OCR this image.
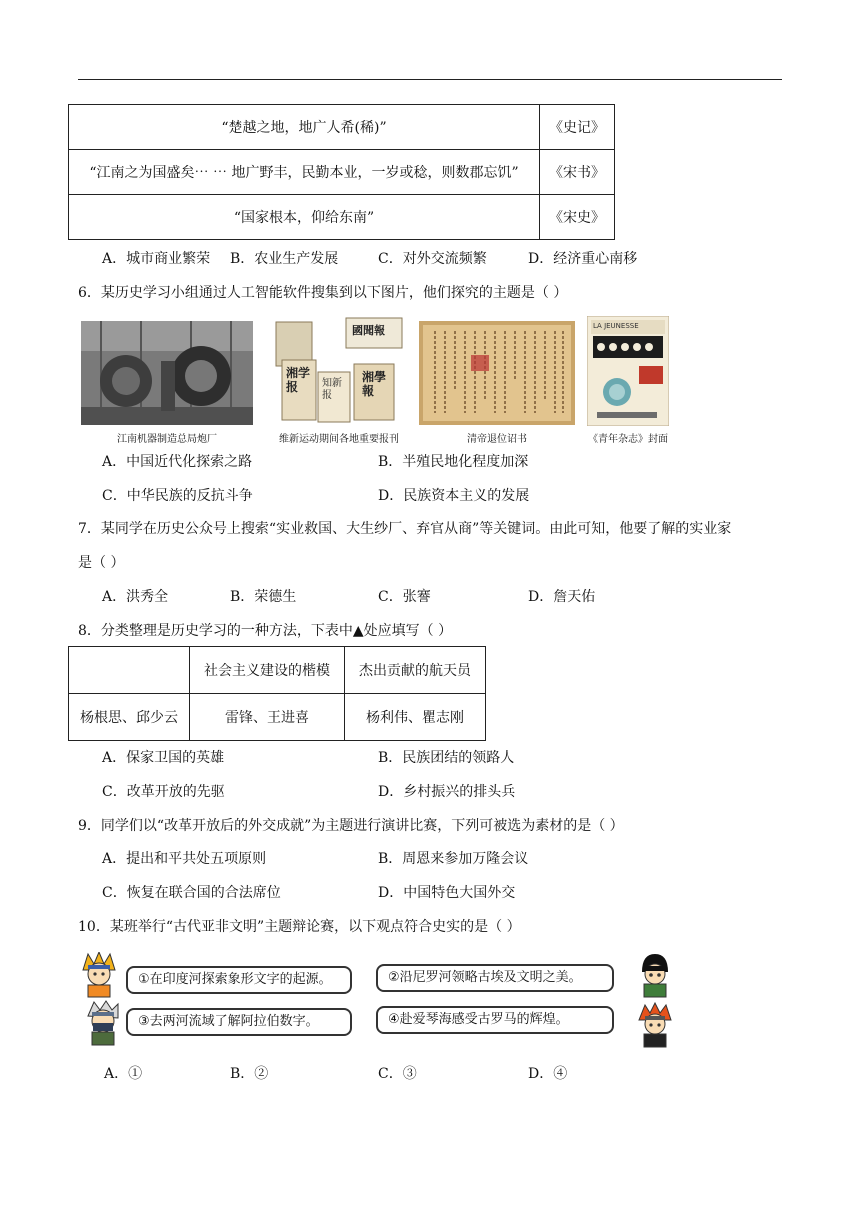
“楚越之地，地广人希(稀)”	《史记》
“江南之为国盛矣⋯ ⋯ 地广野丰，民勤本业，一岁或稔，则数郡忘饥”	《宋书》
“国家根本，仰给东南”	《宋史》
A．城市商业繁荣 B．农业生产发展	C．对外交流频繁	D．经济重心南移
6．某历史学习小组通过人工智能软件搜集到以下图片，他们探究的主题是（ ）
江南机器制造总局炮厂
國聞報
湘学报	知新报
湘學報
维新运动期间各地重要报刊	清帝退位诏书
LA JEUNESSE
《青年杂志》封面
A．中国近代化探索之路	B．半殖民地化程度加深
C．中华民族的反抗斗争	D．民族资本主义的发展
7．某同学在历史公众号上搜索“实业救国、大生纱厂、弃官从商”等关键词。由此可知，他要了解的实业家
是（ ）
A．洪秀全	B．荣德生	C．张謇	D．詹天佑
8．分类整理是历史学习的一种方法，下表中▲处应填写（ ）
	社会主义建设的楷模	杰出贡献的航天员
杨根思、邱少云	雷锋、王进喜	杨利伟、瞿志刚
A．保家卫国的英雄	B．民族团结的领路人
C．改革开放的先驱	D．乡村振兴的排头兵
9．同学们以“改革开放后的外交成就”为主题进行演讲比赛，下列可被选为素材的是（ ）
A．提出和平共处五项原则	B．周恩来参加万隆会议
C．恢复在联合国的合法席位	D．中国特色大国外交
10．某班举行“古代亚非文明”主题辩论赛，以下观点符合史实的是（ ）
①在印度河探索象形文字的起源。	②沿尼罗河领略古埃及文明之美。
③去两河流域了解阿拉伯数字。	④赴爱琴海感受古罗马的辉煌。
A．①	B．②	C．③	D．④
